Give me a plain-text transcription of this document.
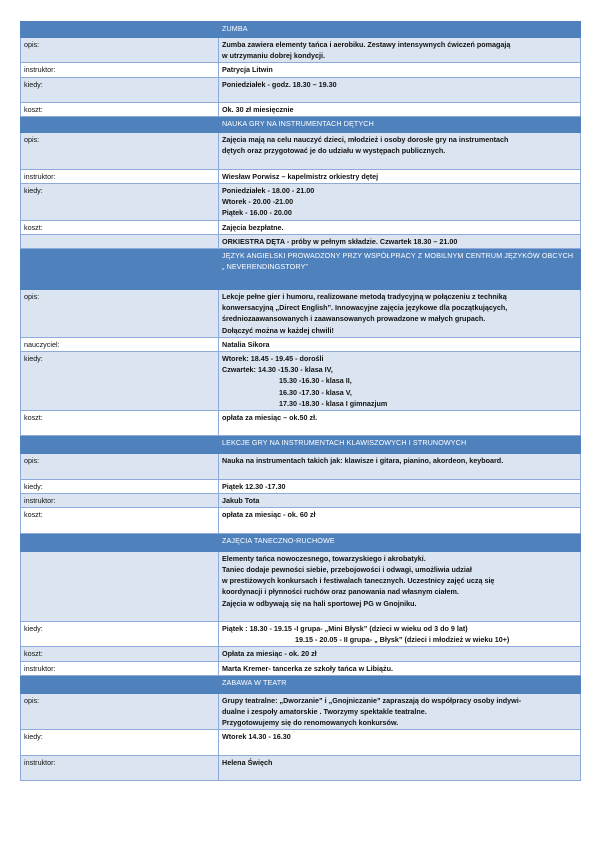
	ZUMBA
opis:	Zumba zawiera elementy tańca i aerobiku. Zestawy intensywnych ćwiczeń pomagają
w utrzymaniu dobrej kondycji.

instruktor:	Patrycja Litwin

kiedy:	Poniedziałek - godz. 18.30 – 19.30

koszt:	Ok. 30 zł miesięcznie

	NAUKA GRY NA INSTRUMENTACH DĘTYCH
opis:	Zajęcia mają na celu nauczyć dzieci, młodzież i osoby dorosłe gry na instrumentach
dętych oraz przygotować je do udziału w występach publicznych.

instruktor:	Wiesław Porwisz – kapelmistrz orkiestry dętej

kiedy:	Poniedziałek - 18.00 - 21.00
Wtorek - 20.00 -21.00
Piątek - 16.00 - 20.00

koszt:	Zajęcia bezpłatne.

	ORKIESTRA DĘTA - próby w pełnym składzie. Czwartek 18.30 – 21.00

	JĘZYK ANGIELSKI PROWADZONY PRZY WSPÓŁPRACY Z MOBILNYM CENTRUM JĘZYKÓW OBCYCH „ NEVERENDINGSTORY”
opis:	Lekcje pełne gier i humoru, realizowane metodą tradycyjną w połączeniu z techniką
konwersacyjną „Direct English”. Innowacyjne zajęcia językowe dla początkujących,
średniozaawansowanych i zaawansowanych prowadzone w małych grupach.
Dołączyć można w każdej chwili!

nauczyciel:	Natalia Sikora

kiedy:	Wtorek: 18.45 - 19.45 - dorośli
Czwartek: 14.30 -15.30 - klasa IV,
15.30 -16.30 - klasa II,
16.30 -17.30 - klasa V,
17.30 -18.30 - klasa I gimnazjum

koszt:	opłata za miesiąc – ok.50 zł.

	LEKCJE GRY NA INSTRUMENTACH KLAWISZOWYCH I STRUNOWYCH
opis:	Nauka na instrumentach takich jak: klawisze i gitara, pianino, akordeon, keyboard.

kiedy:	Piątek 12.30 -17.30

instruktor:	Jakub Tota

koszt:	opłata za miesiąc - ok. 60 zł

	ZAJĘCIA TANECZNO-RUCHOWE

	Elementy tańca nowoczesnego, towarzyskiego i akrobatyki.
Taniec dodaje pewności siebie, przebojowości i odwagi, umożliwia udział
w prestiżowych konkursach i festiwalach tanecznych. Uczestnicy zajęć uczą się
koordynacji i płynności ruchów oraz panowania nad własnym ciałem.
Zajęcia w odbywają się na hali sportowej PG w Gnojniku.

kiedy:	Piątek : 18.30 - 19.15 -I grupa- „Mini Błysk” (dzieci w wieku od 3 do 9 lat)
19.15 - 20.05 - II grupa- „ Błysk” (dzieci i młodzież w wieku 10+)

koszt:	Opłata za miesiąc - ok. 20 zł

instruktor:	Marta Kremer- tancerka ze szkoły tańca w Libiążu.

	ZABAWA W TEATR
opis:	Grupy teatralne: „Dworzanie” i „Gnojniczanie” zapraszają do współpracy osoby indywi-
dualne i zespoły amatorskie . Tworzymy spektakle teatralne.
Przygotowujemy się do renomowanych konkursów.

kiedy:	Wtorek 14.30 - 16.30

instruktor:	Helena Święch
